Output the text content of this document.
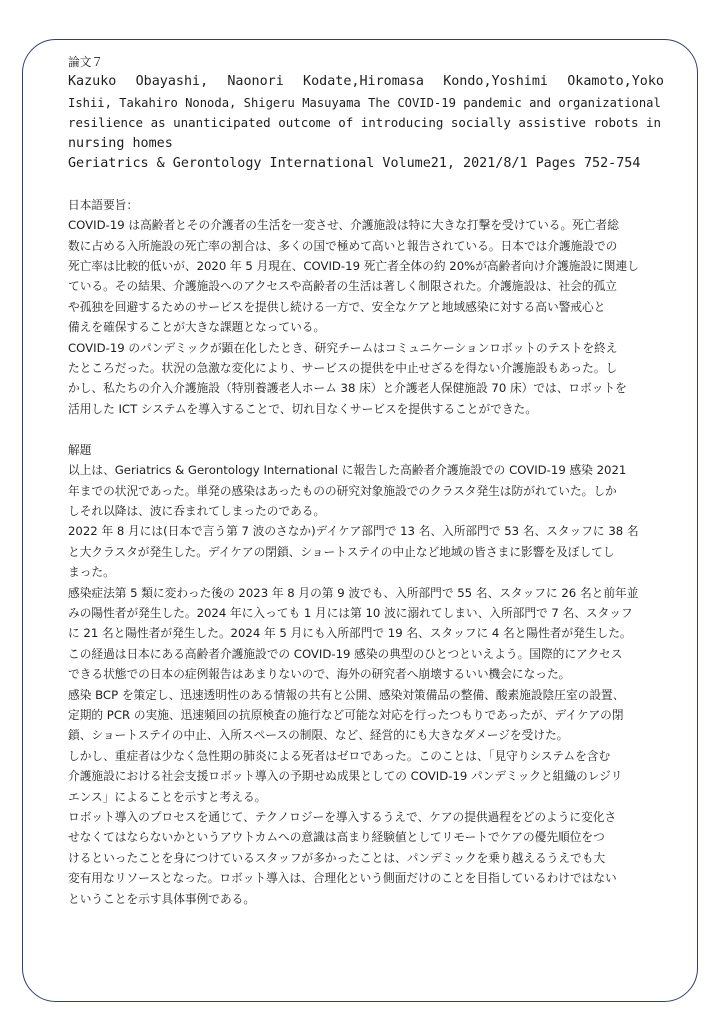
論文７

Kazuko Obayashi, Naonori Kodate,Hiromasa Kondo,Yoshimi Okamoto,Yoko

Ishii, Takahiro Nonoda, Shigeru Masuyama The COVID-19 pandemic and organizational

resilience as unanticipated outcome of introducing socially assistive robots in

nursing homes

Geriatrics & Gerontology International Volume21, 2021/8/1 Pages 752-754

日本語要旨：

COVID-19 は高齢者とその介護者の生活を一変させ、介護施設は特に大きな打撃を受けている。死亡者総

数に占める入所施設の死亡率の割合は、多くの国で極めて高いと報告されている。日本では介護施設での

死亡率は比較的低いが、2020 年 5 月現在、COVID-19 死亡者全体の約 20%が高齢者向け介護施設に関連し

ている。その結果、介護施設へのアクセスや高齢者の生活は著しく制限された。介護施設は、社会的孤立

や孤独を回避するためのサービスを提供し続ける一方で、安全なケアと地域感染に対する高い警戒心と

備えを確保することが大きな課題となっている。

COVID-19 のパンデミックが顕在化したとき、研究チームはコミュニケーションロボットのテストを終え

たところだった。状況の急激な変化により、サービスの提供を中止せざるを得ない介護施設もあった。し

かし、私たちの介入介護施設（特別養護老人ホーム 38 床）と介護老人保健施設 70 床）では、ロボットを

活用した ICT システムを導入することで、切れ目なくサービスを提供することができた。

解題

以上は、Geriatrics & Gerontology International に報告した高齢者介護施設での COVID-19 感染 2021

年までの状況であった。単発の感染はあったものの研究対象施設でのクラスタ発生は防がれていた。しか

しそれ以降は、波に呑まれてしまったのである。

2022 年 8 月には(日本で言う第 7 波のさなか)デイケア部門で 13 名、入所部門で 53 名、スタッフに 38 名

と大クラスタが発生した。デイケアの閉鎖、ショートステイの中止など地域の皆さまに影響を及ぼしてし

まった。

感染症法第 5 類に変わった後の 2023 年 8 月の第 9 波でも、入所部門で 55 名、スタッフに 26 名と前年並

みの陽性者が発生した。2024 年に入っても 1 月には第 10 波に溺れてしまい、入所部門で 7 名、スタッフ

に 21 名と陽性者が発生した。2024 年 5 月にも入所部門で 19 名、スタッフに 4 名と陽性者が発生した。

この経過は日本にある高齢者介護施設での COVID-19 感染の典型のひとつといえよう。国際的にアクセス

できる状態での日本の症例報告はあまりないので、海外の研究者へ崩壊するいい機会になった。

感染 BCP を策定し、迅速透明性のある情報の共有と公開、感染対策備品の整備、酸素施設陰圧室の設置、

定期的 PCR の実施、迅速頻回の抗原検査の施行など可能な対応を行ったつもりであったが、デイケアの閉

鎖、ショートステイの中止、入所スペースの制限、など、経営的にも大きなダメージを受けた。

しかし、重症者は少なく急性期の肺炎による死者はゼロであった。このことは、「見守りシステムを含む

介護施設における社会支援ロボット導入の予期せぬ成果としての COVID-19 パンデミックと組織のレジリ

エンス」によることを示すと考える。

ロボット導入のプロセスを通じて、テクノロジーを導入するうえで、ケアの提供過程をどのように変化さ

せなくてはならないかというアウトカムへの意識は高まり経験値としてリモートでケアの優先順位をつ

けるといったことを身につけているスタッフが多かったことは、パンデミックを乗り越えるうえでも大

変有用なリソースとなった。ロボット導入は、合理化という側面だけのことを目指しているわけではない

ということを示す具体事例である。
